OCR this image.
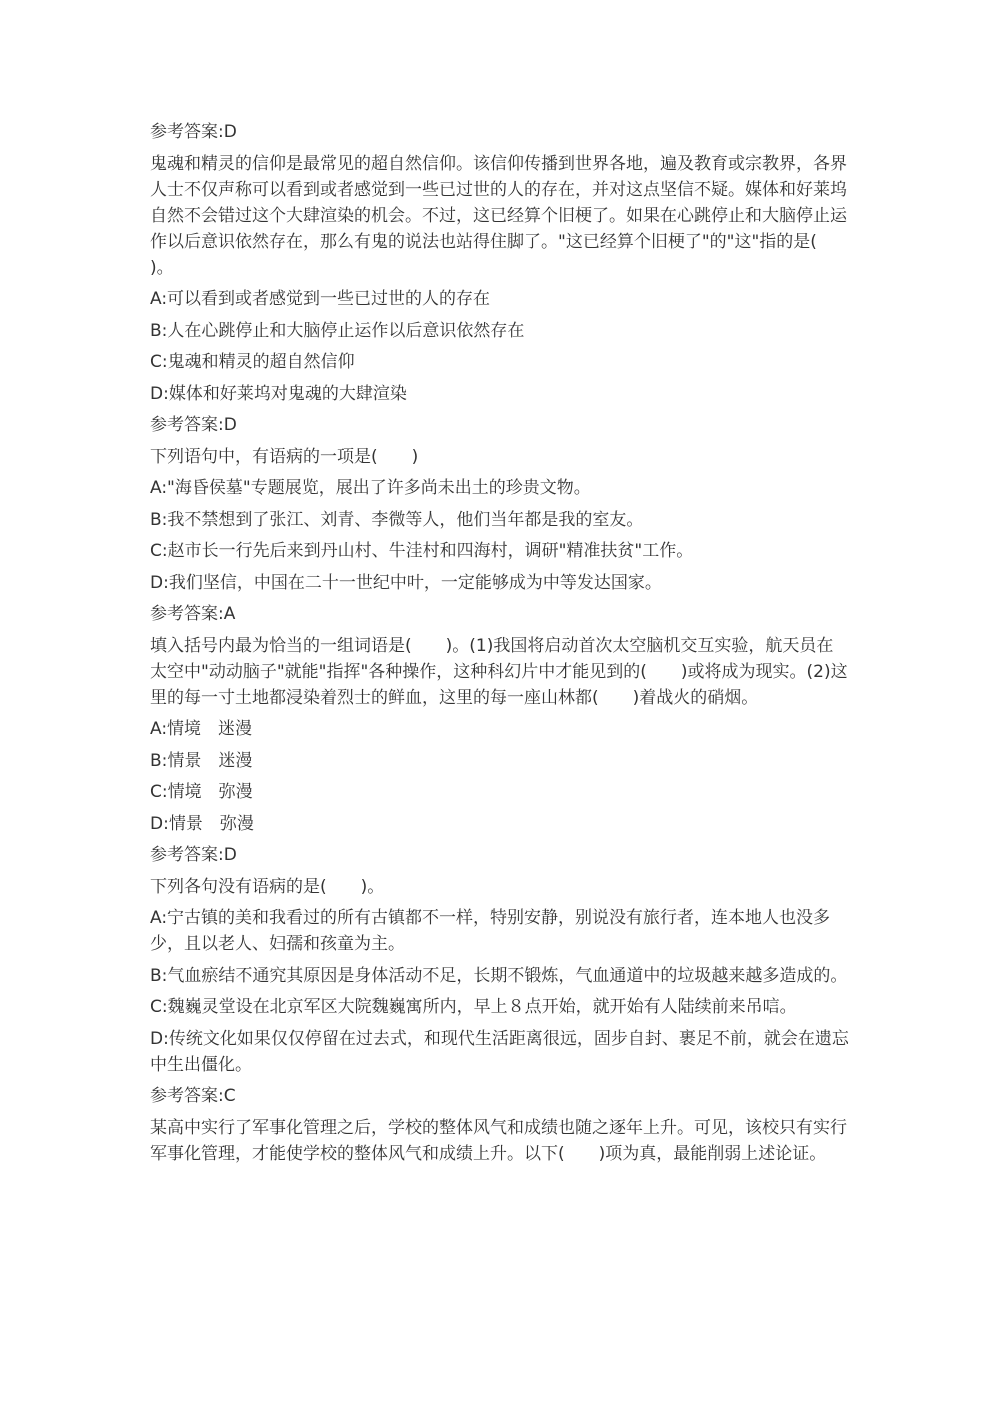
参考答案:D
鬼魂和精灵的信仰是最常见的超自然信仰。该信仰传播到世界各地，遍及教育或宗教界，各界人士不仅声称可以看到或者感觉到一些已过世的人的存在，并对这点坚信不疑。媒体和好莱坞自然不会错过这个大肆渲染的机会。不过，这已经算个旧梗了。如果在心跳停止和大脑停止运作以后意识依然存在，那么有鬼的说法也站得住脚了。"这已经算个旧梗了"的"这"指的是(　　)。
A:可以看到或者感觉到一些已过世的人的存在
B:人在心跳停止和大脑停止运作以后意识依然存在
C:鬼魂和精灵的超自然信仰
D:媒体和好莱坞对鬼魂的大肆渲染
参考答案:D
下列语句中，有语病的一项是(　　)
A:"海昏侯墓"专题展览，展出了许多尚未出土的珍贵文物。
B:我不禁想到了张江、刘青、李微等人，他们当年都是我的室友。
C:赵市长一行先后来到丹山村、牛洼村和四海村，调研"精准扶贫"工作。
D:我们坚信，中国在二十一世纪中叶，一定能够成为中等发达国家。
参考答案:A
填入括号内最为恰当的一组词语是(　　)。(1)我国将启动首次太空脑机交互实验，航天员在太空中"动动脑子"就能"指挥"各种操作，这种科幻片中才能见到的(　　)或将成为现实。(2)这里的每一寸土地都浸染着烈士的鲜血，这里的每一座山林都(　　)着战火的硝烟。
A:情境　迷漫
B:情景　迷漫
C:情境　弥漫
D:情景　弥漫
参考答案:D
下列各句没有语病的是(　　)。
A:宁古镇的美和我看过的所有古镇都不一样，特别安静，别说没有旅行者，连本地人也没多少，且以老人、妇孺和孩童为主。
B:气血瘀结不通究其原因是身体活动不足，长期不锻炼，气血通道中的垃圾越来越多造成的。
C:魏巍灵堂设在北京军区大院魏巍寓所内，早上８点开始，就开始有人陆续前来吊唁。
D:传统文化如果仅仅停留在过去式，和现代生活距离很远，固步自封、裹足不前，就会在遗忘中生出僵化。
参考答案:C
某高中实行了军事化管理之后，学校的整体风气和成绩也随之逐年上升。可见，该校只有实行军事化管理，才能使学校的整体风气和成绩上升。以下(　　)项为真，最能削弱上述论证。
